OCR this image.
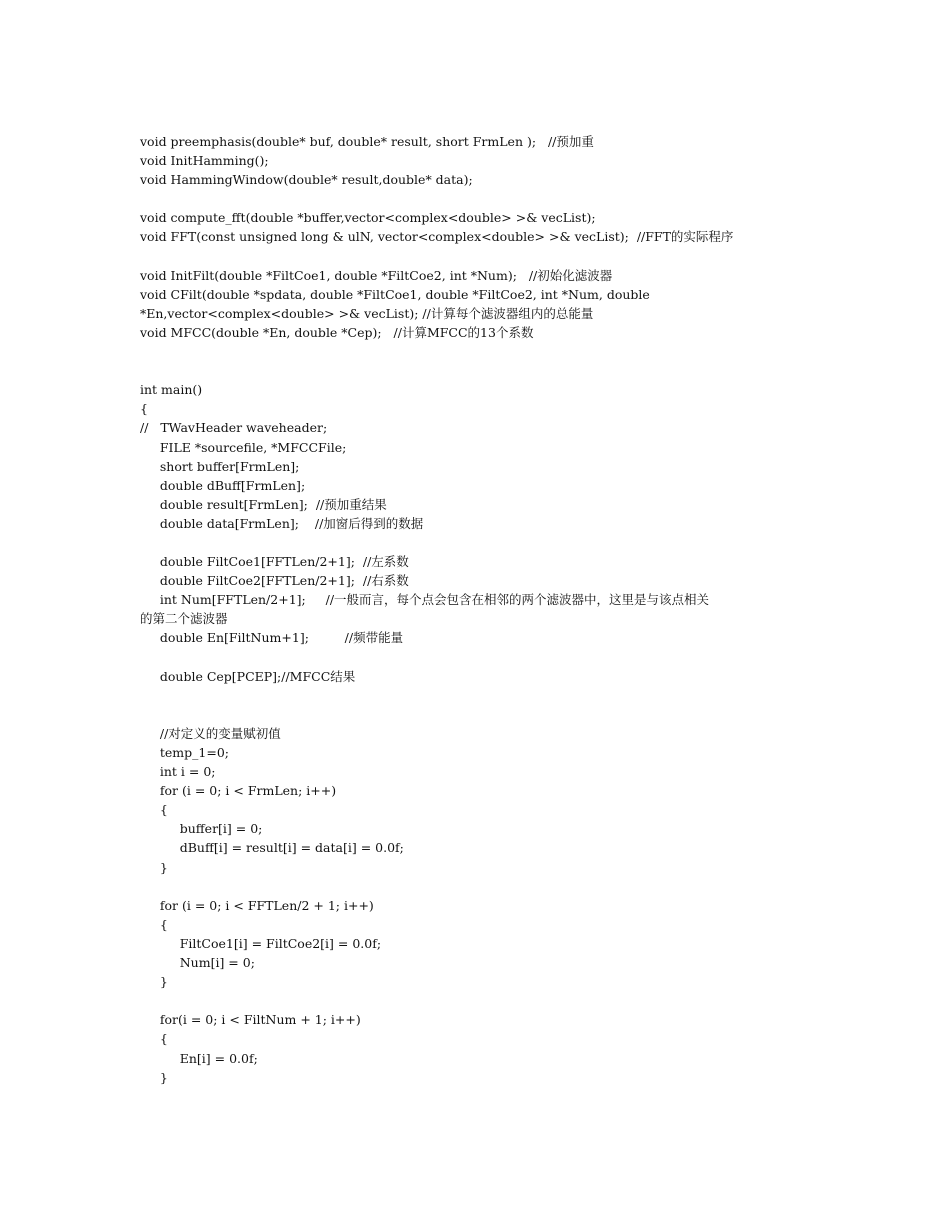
void preemphasis(double* buf, double* result, short FrmLen );   //预加重
void InitHamming();
void HammingWindow(double* result,double* data);
void compute_fft(double *buffer,vector<complex<double> >& vecList);
void FFT(const unsigned long & ulN, vector<complex<double> >& vecList);  //FFT的实际程序
void InitFilt(double *FiltCoe1, double *FiltCoe2, int *Num);   //初始化滤波器
void CFilt(double *spdata, double *FiltCoe1, double *FiltCoe2, int *Num, double
*En,vector<complex<double> >& vecList); //计算每个滤波器组内的总能量
void MFCC(double *En, double *Cep);   //计算MFCC的13个系数
int main()
{
//   TWavHeader waveheader;
FILE *sourcefile, *MFCCFile;
short buffer[FrmLen];
double dBuff[FrmLen];
double result[FrmLen];  //预加重结果
double data[FrmLen];    //加窗后得到的数据
double FiltCoe1[FFTLen/2+1];  //左系数
double FiltCoe2[FFTLen/2+1];  //右系数
int Num[FFTLen/2+1];     //一般而言，每个点会包含在相邻的两个滤波器中，这里是与该点相关
的第二个滤波器
double En[FiltNum+1];         //频带能量
double Cep[PCEP];//MFCC结果
//对定义的变量赋初值
temp_1=0;
int i = 0;
for (i = 0; i < FrmLen; i++)
{
buffer[i] = 0;
dBuff[i] = result[i] = data[i] = 0.0f;
}
for (i = 0; i < FFTLen/2 + 1; i++)
{
FiltCoe1[i] = FiltCoe2[i] = 0.0f;
Num[i] = 0;
}
for(i = 0; i < FiltNum + 1; i++)
{
En[i] = 0.0f;
}
